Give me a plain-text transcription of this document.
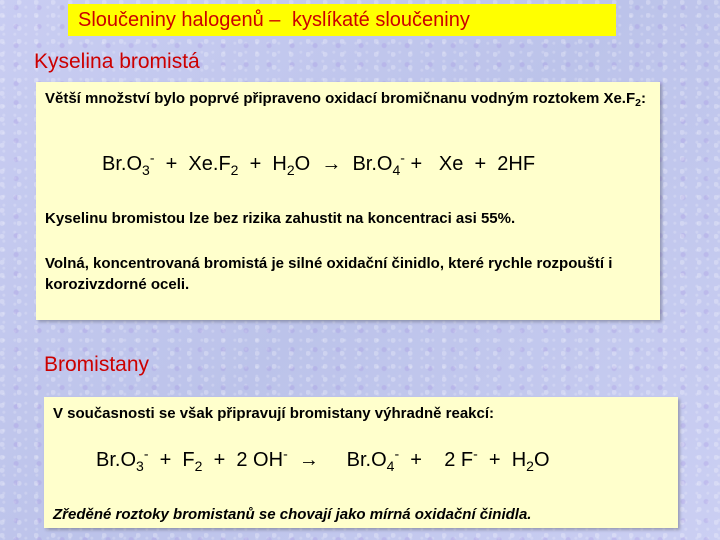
Sloučeniny halogenů – kyslíkaté sloučeniny
Kyselina bromistá

Větší množství bylo poprvé připraveno oxidací bromičnanu vodným roztokem $Xe.F_2$:

$Br.O_3^- + Xe.F_2 + H_2O \to Br.O_4^- + Xe + 2HF$

Kyselinu bromistou lze bez rizika zahustit na koncentraci asi 55%.

Volná, koncentrovaná bromistá je silné oxidační činidlo, které rychle rozpouští i korozivzdorné oceli.

Bromistany

V současnosti se však připravují bromistany výhradně reakcí:

$Br.O_3^- + F_2 + 2$ $OH^- \to Br.O_4^- + 2$ $F^- + H_2O$

Zředěné roztoky bromistanů se chovají jako mírná oxidační činidla.
